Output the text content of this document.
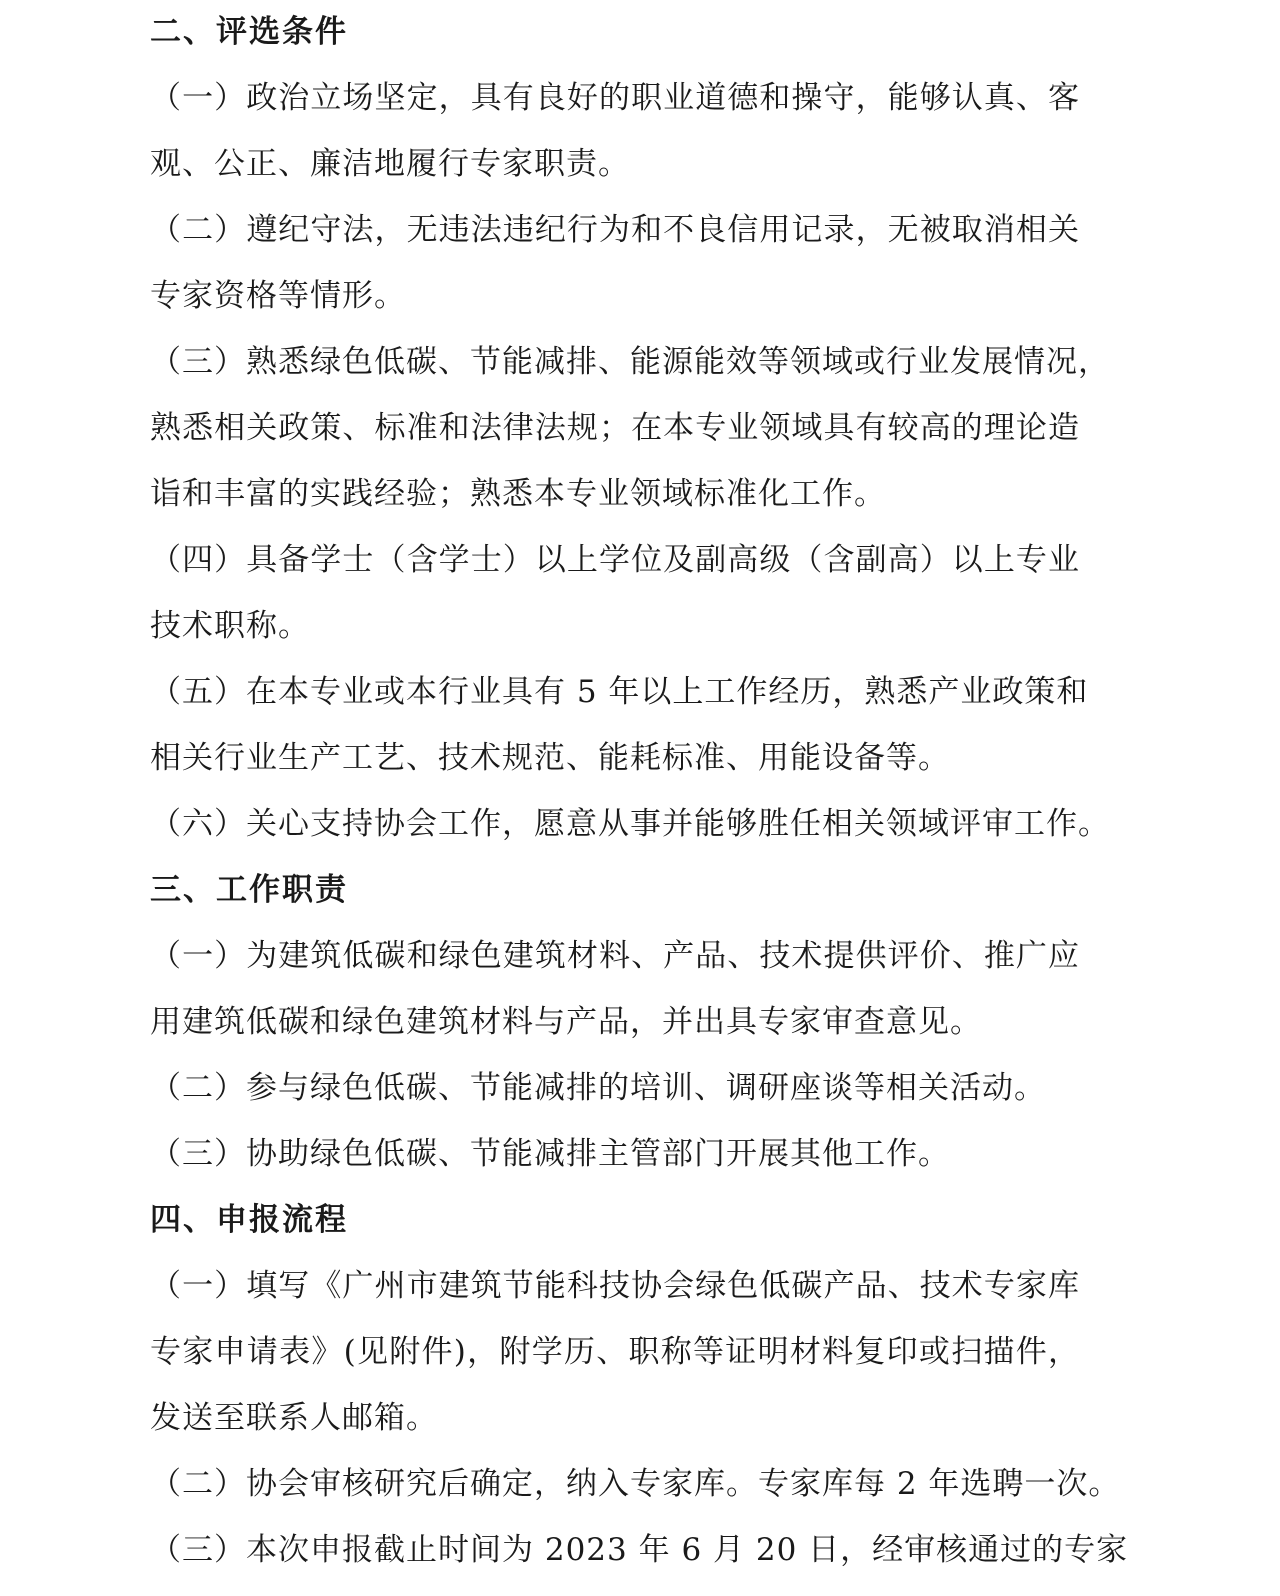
二、评选条件
（一）政治立场坚定，具有良好的职业道德和操守，能够认真、客
观、公正、廉洁地履行专家职责。
（二）遵纪守法，无违法违纪行为和不良信用记录，无被取消相关
专家资格等情形。
（三）熟悉绿色低碳、节能减排、能源能效等领域或行业发展情况，
熟悉相关政策、标准和法律法规；在本专业领域具有较高的理论造
诣和丰富的实践经验；熟悉本专业领域标准化工作。
（四）具备学士（含学士）以上学位及副高级（含副高）以上专业
技术职称。
（五）在本专业或本行业具有 5 年以上工作经历，熟悉产业政策和
相关行业生产工艺、技术规范、能耗标准、用能设备等。
（六）关心支持协会工作，愿意从事并能够胜任相关领域评审工作。
三、工作职责
（一）为建筑低碳和绿色建筑材料、产品、技术提供评价、推广应
用建筑低碳和绿色建筑材料与产品，并出具专家审查意见。
（二）参与绿色低碳、节能减排的培训、调研座谈等相关活动。
（三）协助绿色低碳、节能减排主管部门开展其他工作。
四、申报流程
（一）填写《广州市建筑节能科技协会绿色低碳产品、技术专家库
专家申请表》(见附件)，附学历、职称等证明材料复印或扫描件，
发送至联系人邮箱。
（二）协会审核研究后确定，纳入专家库。专家库每 2 年选聘一次。
（三）本次申报截止时间为 2023 年 6 月 20 日，经审核通过的专家
